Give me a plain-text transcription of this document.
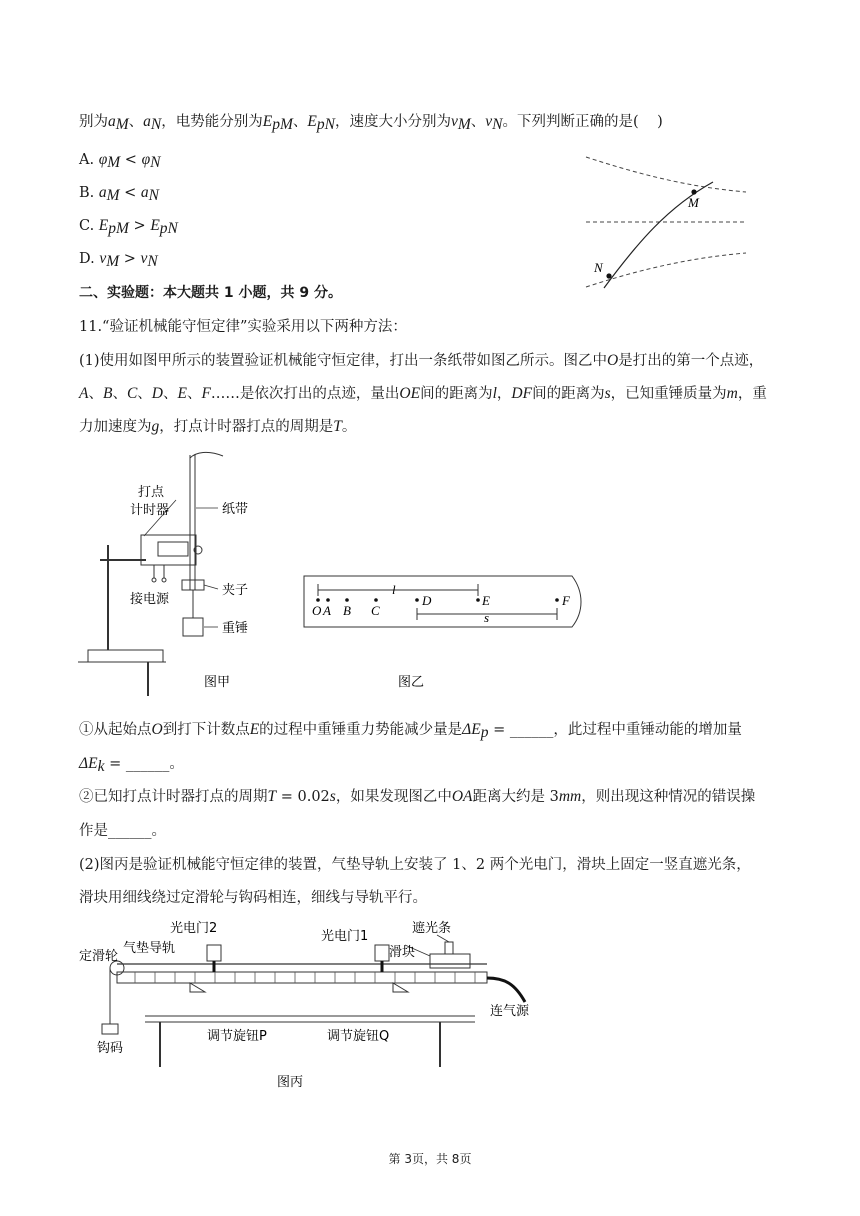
别为$a_M$、$a_N$，电势能分别为$E_{pM}$、$E_{pN}$，速度大小分别为$v_M$、$v_N$。下列判断正确的是(    )
A. $\varphi_M < \varphi_N$
B. $a_M < a_N$
C. $E_{pM} > E_{pN}$
D. $v_M > v_N$
M
N
二、实验题：本大题共 1 小题，共 9 分。
11.“验证机械能守恒定律”实验采用以下两种方法：
(1)使用如图甲所示的装置验证机械能守恒定律，打出一条纸带如图乙所示。图乙中O是打出的第一个点迹，
A、B、C、D、E、F……是依次打出的点迹，量出OE间的距离为l，DF间的距离为s，已知重锤质量为m，重
力加速度为g，打点计时器打点的周期是T。
打点
计时器	纸带
接电源
夹子
重锤
图甲
O A B C
D	E	F
l
s
图乙
①从起始点O到打下计数点E的过程中重锤重力势能减少量是$\Delta E_p$ = ______，此过程中重锤动能的增加量
$\Delta E_k$ = ______。
②已知打点计时器打点的周期T = 0.02s，如果发现图乙中OA距离大约是 3mm，则出现这种情况的错误操
作是______。
(2)图丙是验证机械能守恒定律的装置，气垫导轨上安装了 1、2 两个光电门，滑块上固定一竖直遮光条，
滑块用细线绕过定滑轮与钩码相连，细线与导轨平行。
定滑轮
气垫导轨
光电门2
光电门1
遮光条
滑块
连气源
钩码
调节旋钮P	调节旋钮Q
图丙
第 3页，共 8页
